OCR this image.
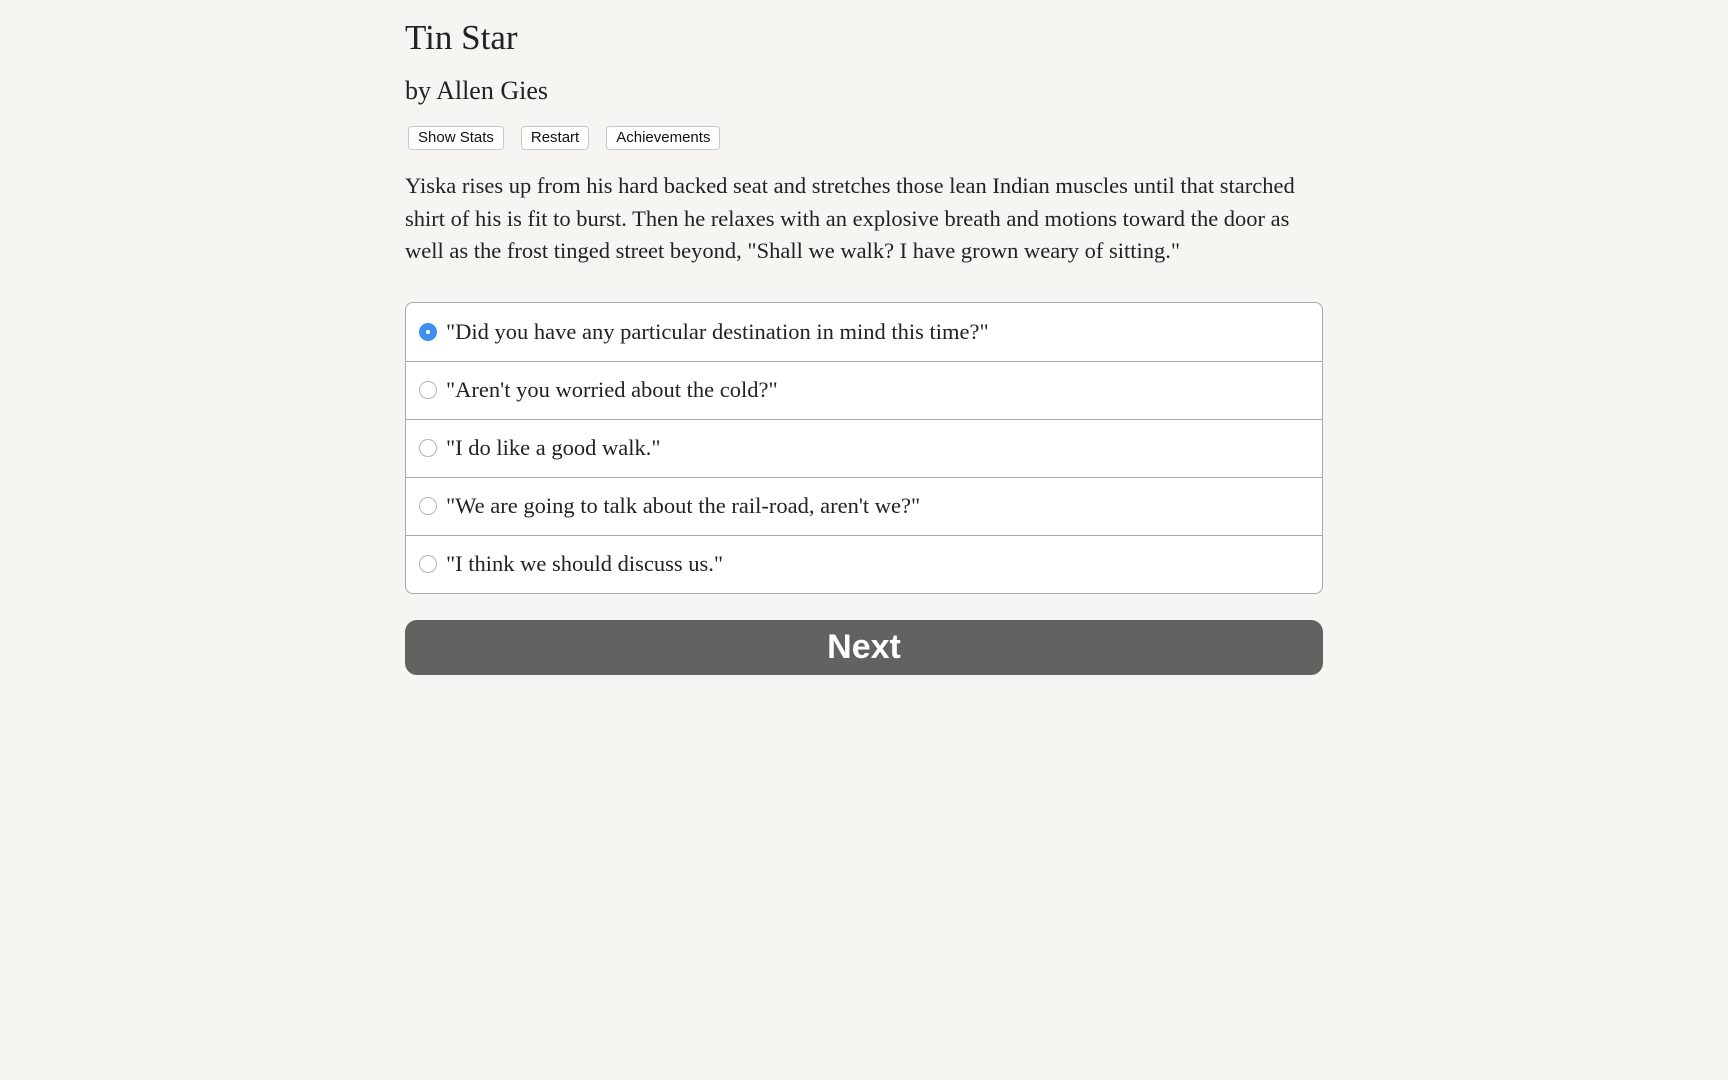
Tin Star
by Allen Gies
Show Stats	Restart	Achievements

Yiska rises up from his hard backed seat and stretches those lean Indian muscles until that starched shirt of his is fit to burst. Then he relaxes with an explosive breath and motions toward the door as well as the frost tinged street beyond, "Shall we walk? I have grown weary of sitting."

"Did you have any particular destination in mind this time?"
"Aren't you worried about the cold?"
"I do like a good walk."
"We are going to talk about the rail-road, aren't we?"
"I think we should discuss us."
Next
